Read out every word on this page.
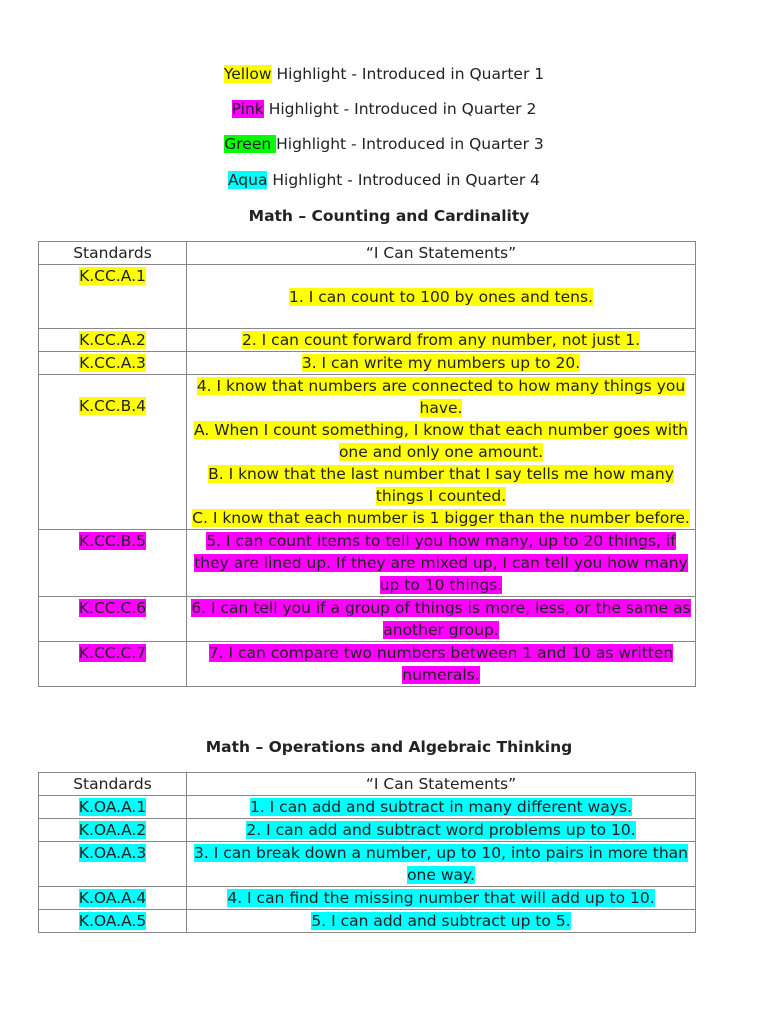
Yellow Highlight - Introduced in Quarter 1
Pink Highlight - Introduced in Quarter 2
Green Highlight - Introduced in Quarter 3
Aqua Highlight - Introduced in Quarter 4
Math – Counting and Cardinality
Standards	“I Can Statements”
K.CC.A.1	1. I can count to 100 by ones and tens.

K.CC.A.2	2. I can count forward from any number, not just 1.

K.CC.A.3	3. I can write my numbers up to 20.

K.CC.B.4	4. I know that numbers are connected to how many things you have.
A. When I count something, I know that each number goes with one and only one amount.
B. I know that the last number that I say tells me how many things I counted.
C. I know that each number is 1 bigger than the number before.

K.CC.B.5	5. I can count items to tell you how many, up to 20 things, if they are lined up. If they are mixed up, I can tell you how many up to 10 things.

K.CC.C.6	6. I can tell you if a group of things is more, less, or the same as another group.

K.CC.C.7	7. I can compare two numbers between 1 and 10 as written numerals.
Math – Operations and Algebraic Thinking
Standards	“I Can Statements”
K.OA.A.1	1. I can add and subtract in many different ways.

K.OA.A.2	2. I can add and subtract word problems up to 10.

K.OA.A.3	3. I can break down a number, up to 10, into pairs in more than one way.

K.OA.A.4	4. I can find the missing number that will add up to 10.

K.OA.A.5	5. I can add and subtract up to 5.
